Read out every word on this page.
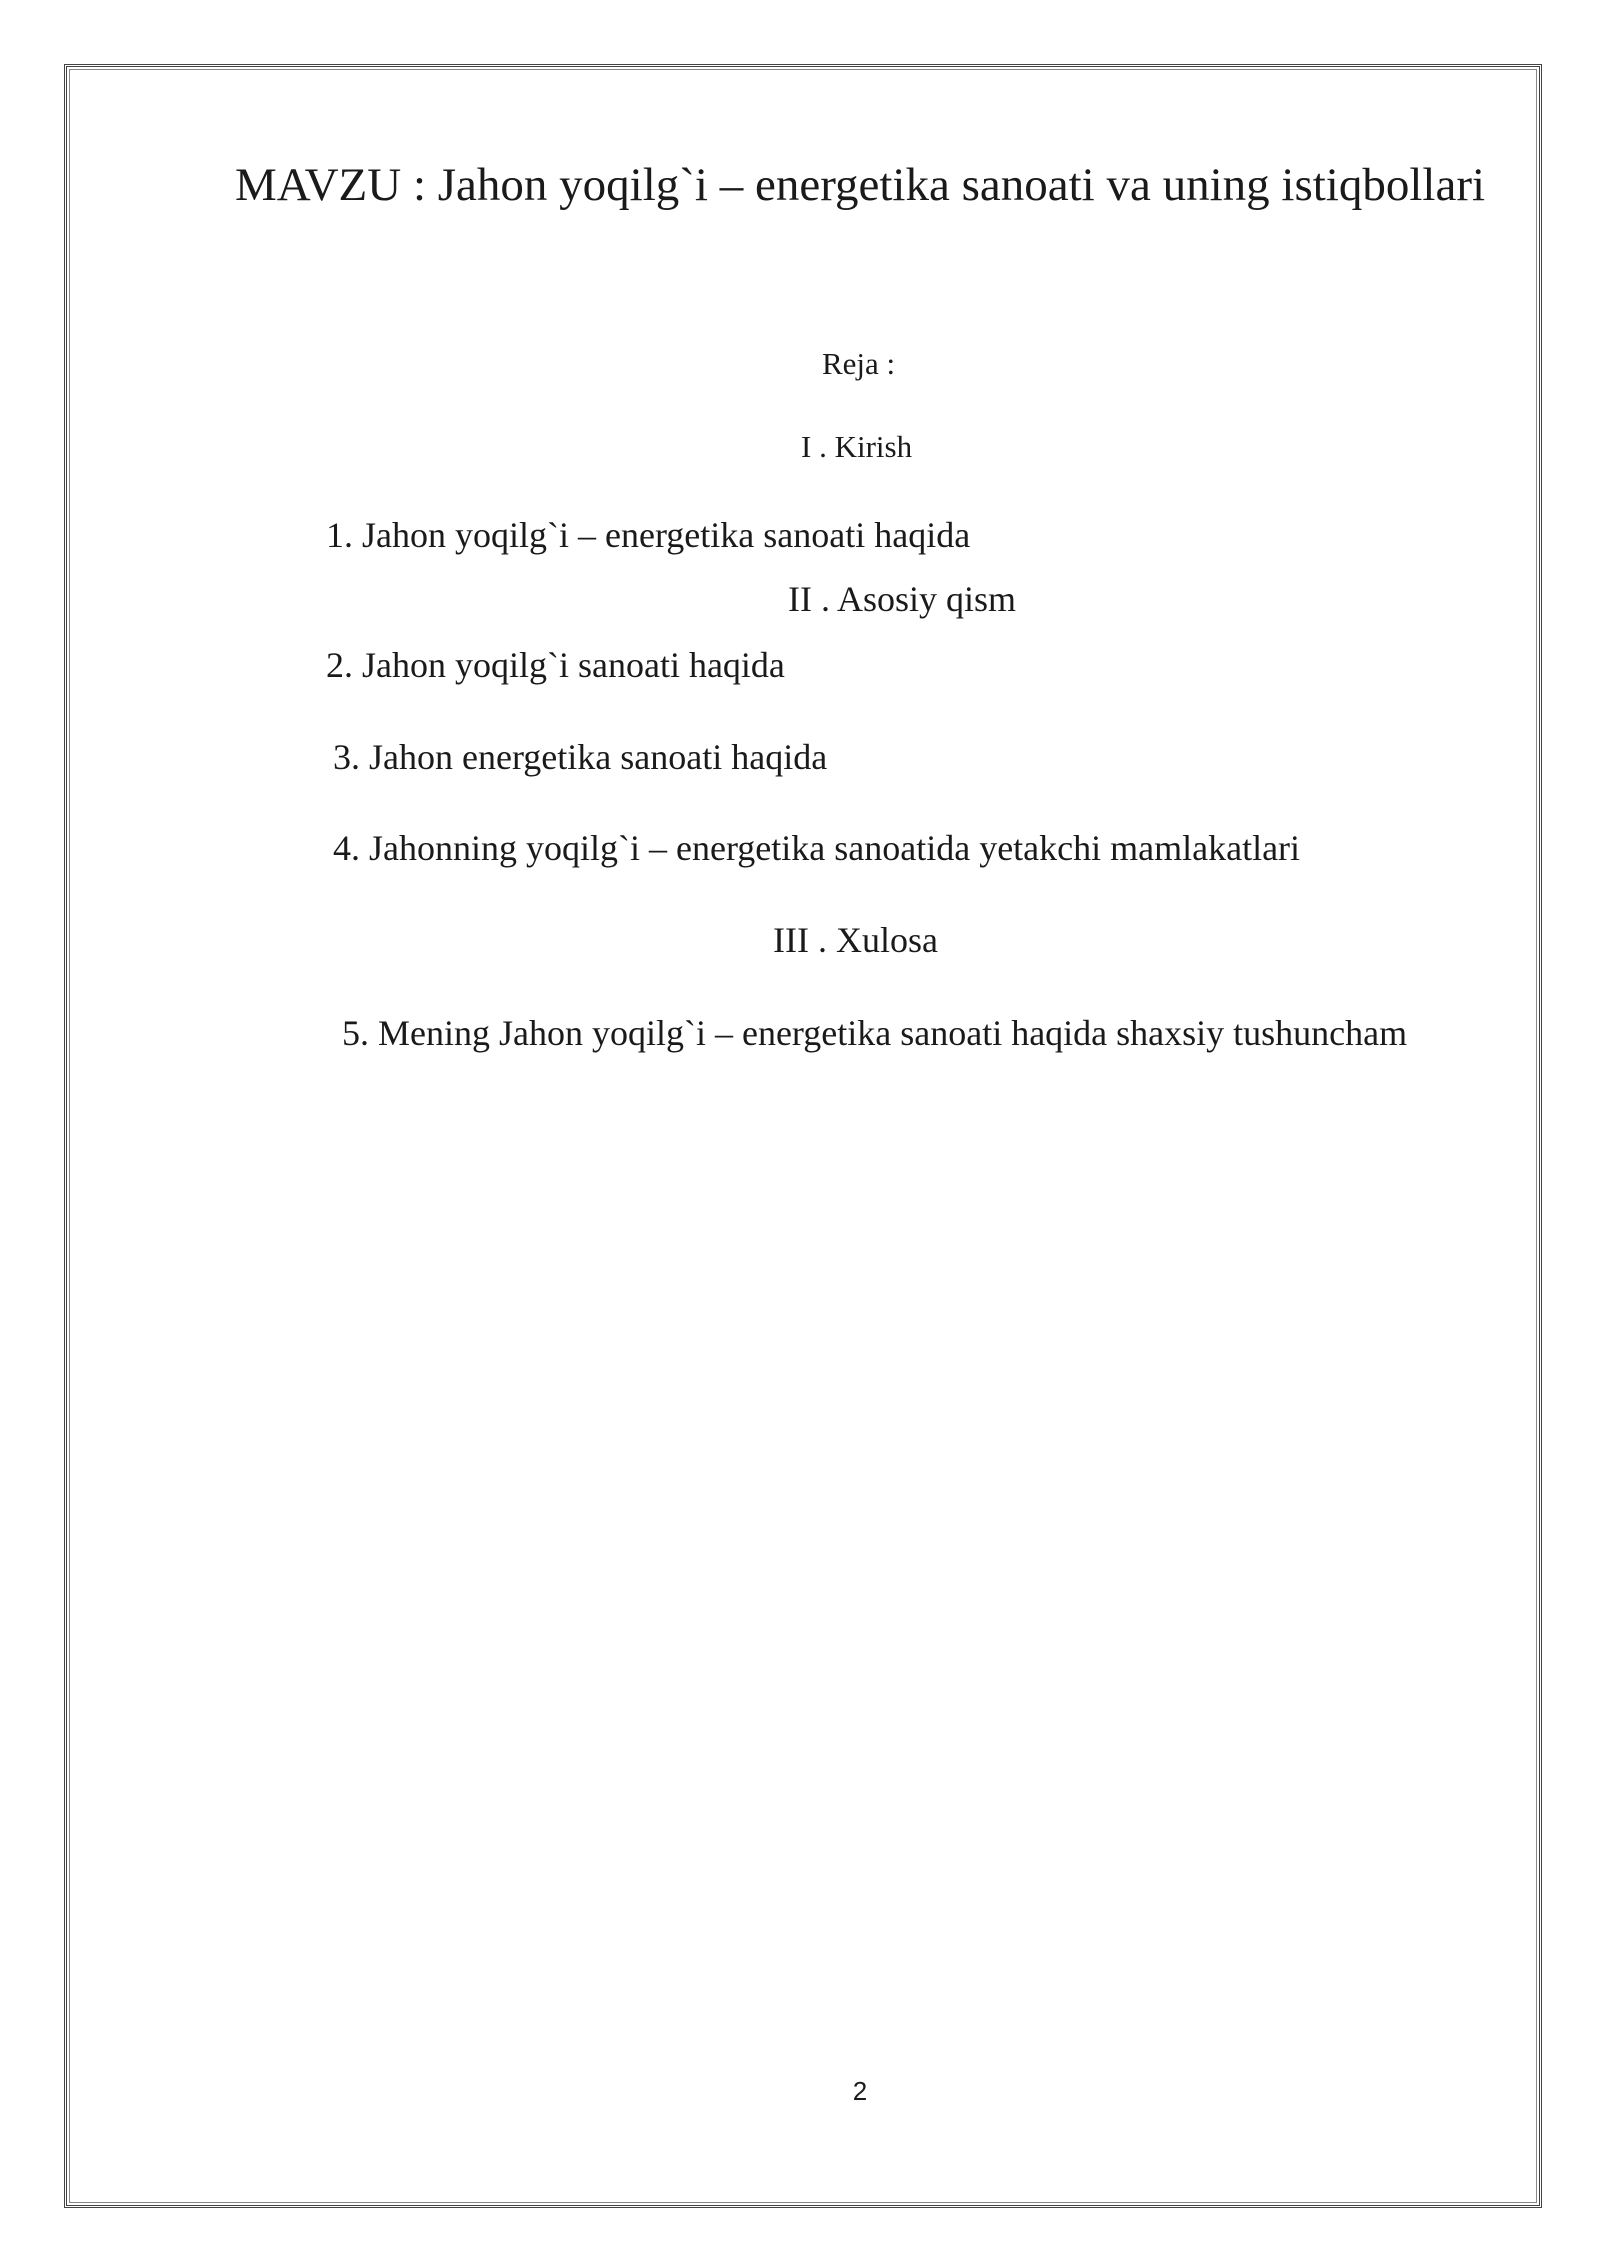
MAVZU : Jahon yoqilg`i – energetika sanoati va uning istiqbollari

Reja :

I . Kirish

1. Jahon yoqilg`i – energetika sanoati haqida

II . Asosiy qism

2. Jahon yoqilg`i sanoati haqida

3. Jahon energetika sanoati haqida

4. Jahonning yoqilg`i – energetika sanoatida yetakchi mamlakatlari

III . Xulosa

5. Mening Jahon yoqilg`i – energetika sanoati haqida shaxsiy tushuncham

2
